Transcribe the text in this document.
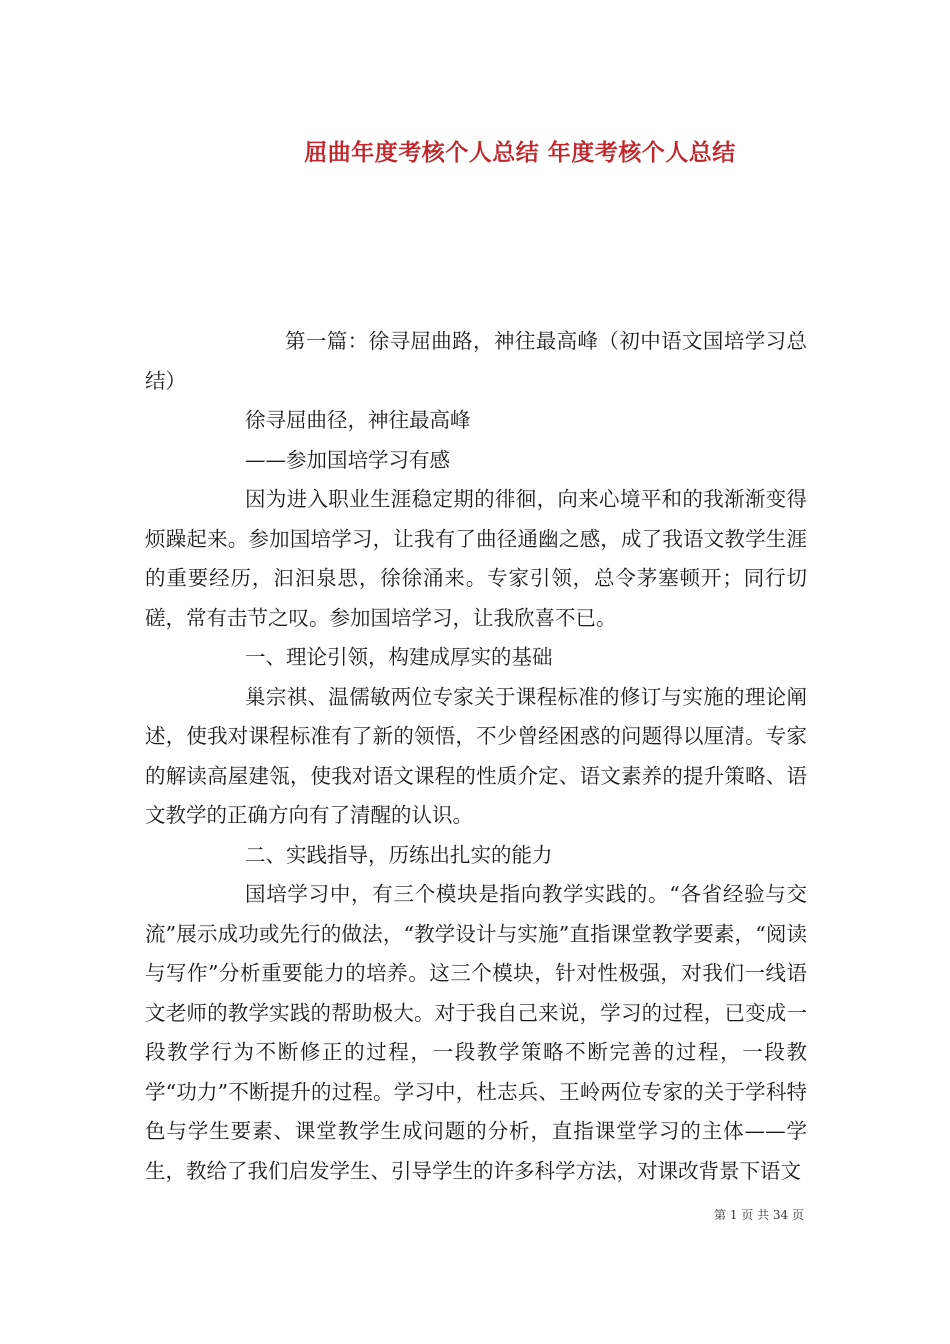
屈曲年度考核个人总结 年度考核个人总结

第一篇：徐寻屈曲路，神往最高峰（初中语文国培学习总结）

徐寻屈曲径，神往最高峰

——参加国培学习有感

因为进入职业生涯稳定期的徘徊，向来心境平和的我渐渐变得烦躁起来。参加国培学习，让我有了曲径通幽之感，成了我语文教学生涯的重要经历，汩汩泉思，徐徐涌来。专家引领，总令茅塞顿开；同行切磋，常有击节之叹。参加国培学习，让我欣喜不已。

一、理论引领，构建成厚实的基础

巢宗祺、温儒敏两位专家关于课程标准的修订与实施的理论阐述，使我对课程标准有了新的领悟，不少曾经困惑的问题得以厘清。专家的解读高屋建瓴，使我对语文课程的性质介定、语文素养的提升策略、语文教学的正确方向有了清醒的认识。

二、实践指导，历练出扎实的能力

国培学习中，有三个模块是指向教学实践的。“各省经验与交流”展示成功或先行的做法，“教学设计与实施”直指课堂教学要素，“阅读与写作”分析重要能力的培养。这三个模块，针对性极强，对我们一线语文老师的教学实践的帮助极大。对于我自己来说，学习的过程，已变成一段教学行为不断修正的过程，一段教学策略不断完善的过程，一段教学“功力”不断提升的过程。学习中，杜志兵、王岭两位专家的关于学科特色与学生要素、课堂教学生成问题的分析，直指课堂学习的主体——学生，教给了我们启发学生、引导学生的许多科学方法，对课改背景下语文

第 1 页 共 34 页
